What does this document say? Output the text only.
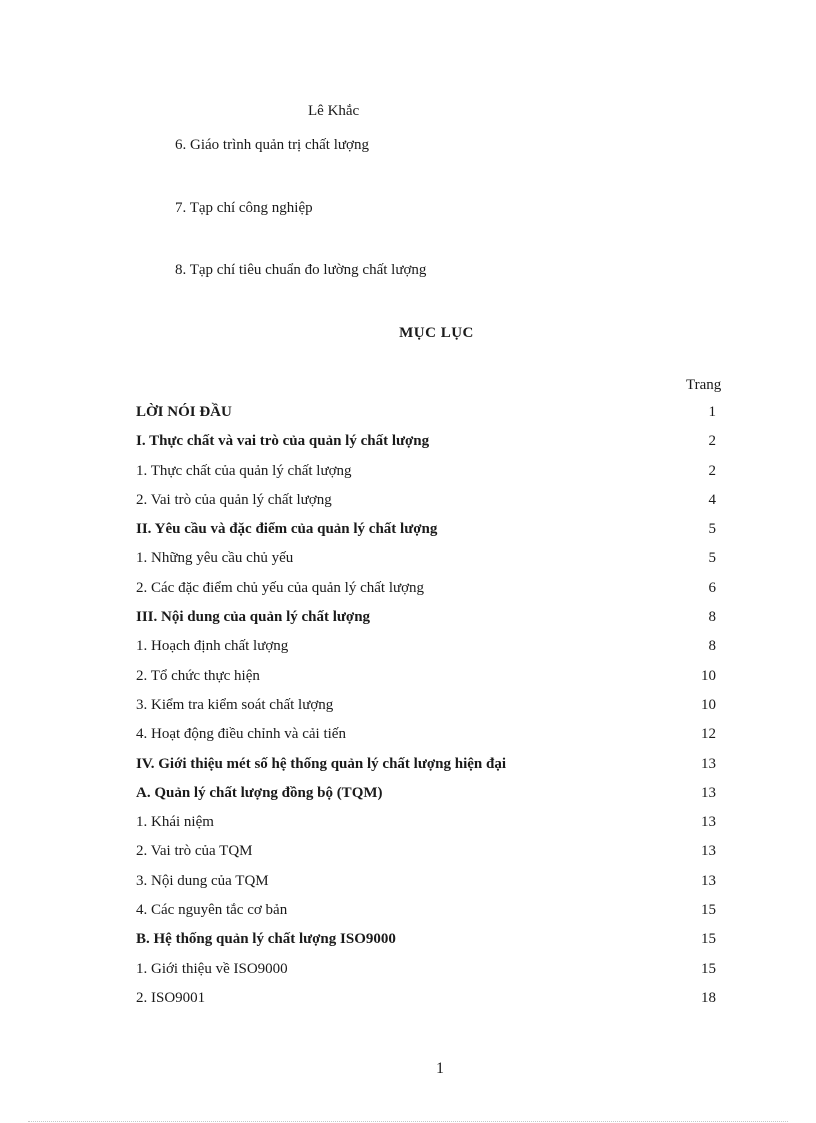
Lê Khắc
6. Giáo trình quản trị chất lượng
7. Tạp chí công nghiệp
8. Tạp chí tiêu chuẩn đo lường chất lượng
MỤC LỤC
Trang
LỜI NÓI ĐẦU	1
I. Thực chất và vai trò của quản lý chất lượng	2
1. Thực chất của quản lý chất lượng	2
2. Vai trò của quản lý chất lượng	4
II. Yêu cầu và đặc điểm của quản lý chất lượng	5
1. Những yêu cầu chủ yếu	5
2. Các đặc điểm chủ yếu của quản lý chất lượng	6
III. Nội dung của quản lý chất lượng	8
1. Hoạch định chất lượng	8
2. Tổ chức thực hiện	10
3. Kiểm tra kiểm soát chất lượng	10
4. Hoạt động điều chỉnh và cải tiến	12
IV. Giới thiệu mét số hệ thống quản lý chất lượng hiện đại	13
A. Quản lý chất lượng đồng bộ (TQM)	13
1. Khái niệm	13
2. Vai trò của TQM	13
3. Nội dung của TQM	13
4. Các nguyên tắc cơ bản	15
B. Hệ thống quản lý chất lượng ISO9000	15
1. Giới thiệu về ISO9000	15
2. ISO9001	18
1
